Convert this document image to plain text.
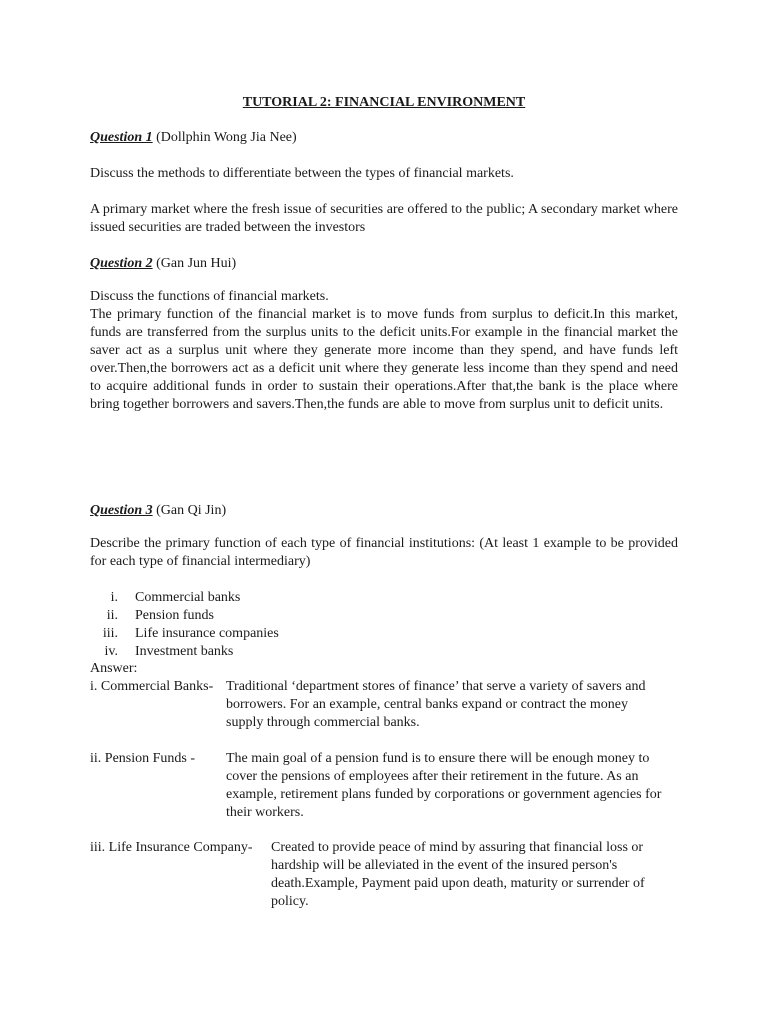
TUTORIAL 2: FINANCIAL ENVIRONMENT
Question 1 (Dollphin Wong Jia Nee)
Discuss the methods to differentiate between the types of financial markets.
A primary market where the fresh issue of securities are offered to the public; A secondary market where issued securities are traded between the investors
Question 2 (Gan Jun Hui)
Discuss the functions of financial markets.
The primary function of the financial market is to move funds from surplus to deficit.In this market, funds are transferred from the surplus units to the deficit units.For example in the financial market the saver act as a surplus unit where they generate more income than they spend, and have funds left over.Then,the borrowers act as a deficit unit where they generate less income than they spend and need to acquire additional funds in order to sustain their operations.After that,the bank is the place where bring together borrowers and savers.Then,the funds are able to move from surplus unit to deficit units.
Question 3 (Gan Qi Jin)
Describe the primary function of each type of financial institutions: (At least 1 example to be provided for each type of financial intermediary)
i. Commercial banks
ii. Pension funds
iii. Life insurance companies
iv. Investment banks
Answer:
i. Commercial Banks- Traditional ‘department stores of finance’ that serve a variety of savers and borrowers. For an example, central banks expand or contract the money supply through commercial banks.
ii. Pension Funds - The main goal of a pension fund is to ensure there will be enough money to cover the pensions of employees after their retirement in the future. As an example, retirement plans funded by corporations or government agencies for their workers.
iii. Life Insurance Company- Created to provide peace of mind by assuring that financial loss or hardship will be alleviated in the event of the insured person's death.Example, Payment paid upon death, maturity or surrender of policy.
